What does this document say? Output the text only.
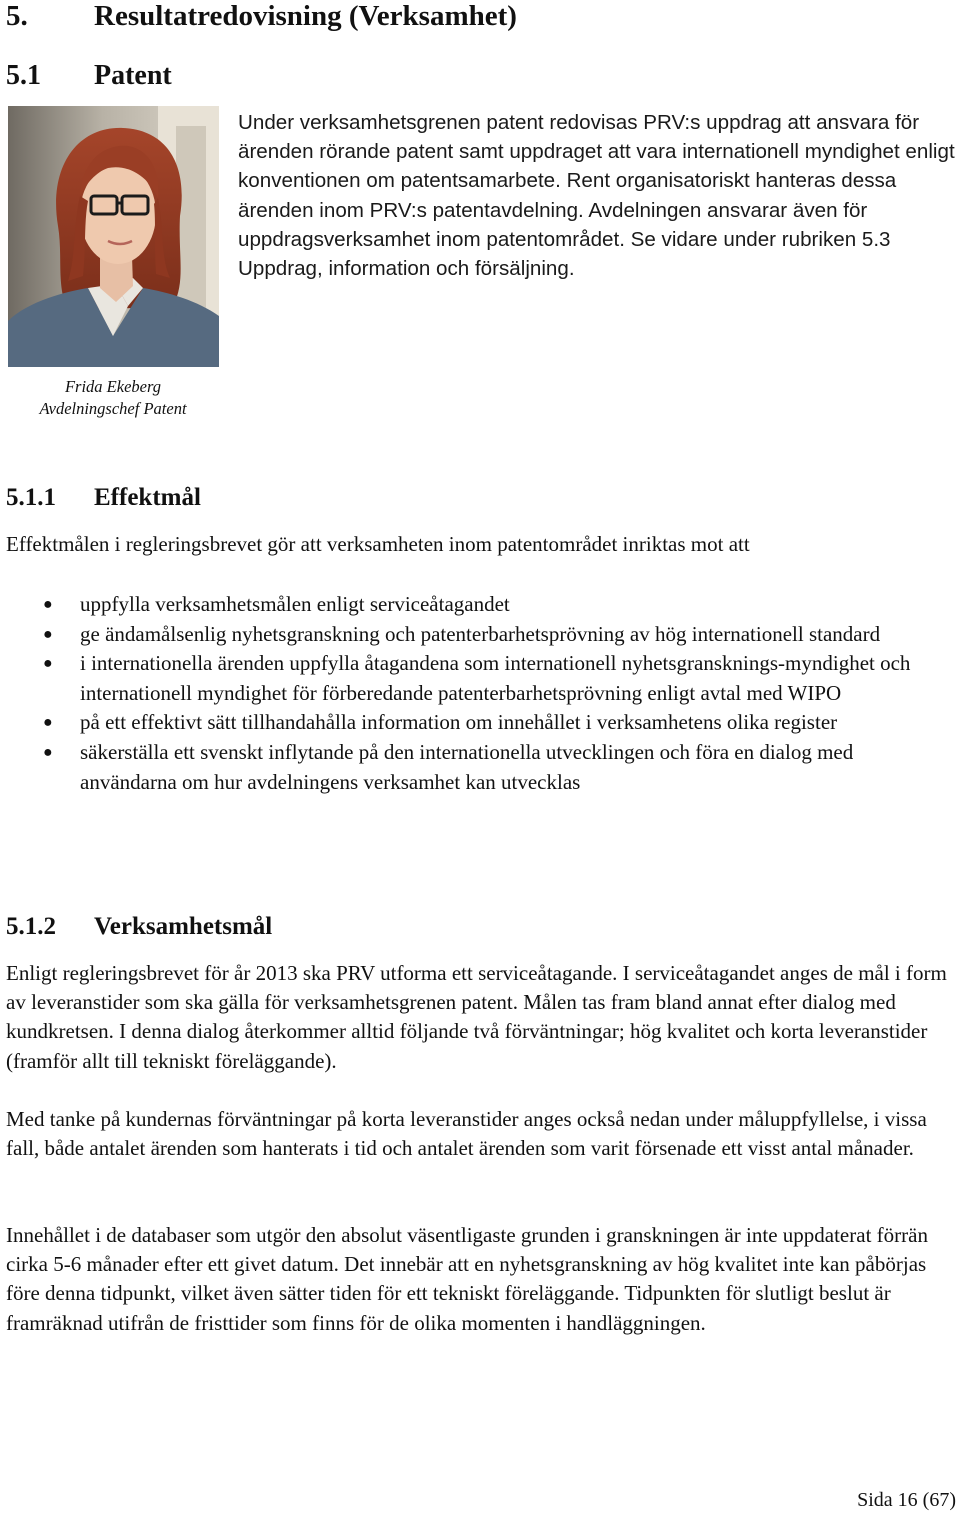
5. Resultatredovisning (Verksamhet)
5.1 Patent
Frida Ekeberg
Avdelningschef Patent

Under verksamhetsgrenen patent redovisas PRV:s uppdrag att ansvara för ärenden rörande patent samt uppdraget att vara internationell myndighet enligt konventionen om patentsamarbete. Rent organisatoriskt hanteras dessa ärenden inom PRV:s patentavdelning. Avdelningen ansvarar även för uppdragsverksamhet inom patentområdet. Se vidare under rubriken 5.3 Uppdrag, information och försäljning.

5.1.1 Effektmål

Effektmålen i regleringsbrevet gör att verksamheten inom patentområdet inriktas mot att

● uppfylla verksamhetsmålen enligt serviceåtagandet
● ge ändamålsenlig nyhetsgranskning och patenterbarhetsprövning av hög internationell standard
● i internationella ärenden uppfylla åtagandena som internationell nyhetsgransknings-myndighet och internationell myndighet för förberedande patenterbarhetsprövning enligt avtal med WIPO
● på ett effektivt sätt tillhandahålla information om innehållet i verksamhetens olika register
● säkerställa ett svenskt inflytande på den internationella utvecklingen och föra en dialog med användarna om hur avdelningens verksamhet kan utvecklas
5.1.2 Verksamhetsmål

Enligt regleringsbrevet för år 2013 ska PRV utforma ett serviceåtagande. I serviceåtagandet anges de mål i form av leveranstider som ska gälla för verksamhetsgrenen patent. Målen tas fram bland annat efter dialog med kundkretsen. I denna dialog återkommer alltid följande två förväntningar; hög kvalitet och korta leveranstider (framför allt till tekniskt föreläggande).

Med tanke på kundernas förväntningar på korta leveranstider anges också nedan under måluppfyllelse, i vissa fall, både antalet ärenden som hanterats i tid och antalet ärenden som varit försenade ett visst antal månader.

Innehållet i de databaser som utgör den absolut väsentligaste grunden i granskningen är inte uppdaterat förrän cirka 5-6 månader efter ett givet datum. Det innebär att en nyhetsgranskning av hög kvalitet inte kan påbörjas före denna tidpunkt, vilket även sätter tiden för ett tekniskt föreläggande. Tidpunkten för slutligt beslut är framräknad utifrån de fristtider som finns för de olika momenten i handläggningen.

Sida 16 (67)
